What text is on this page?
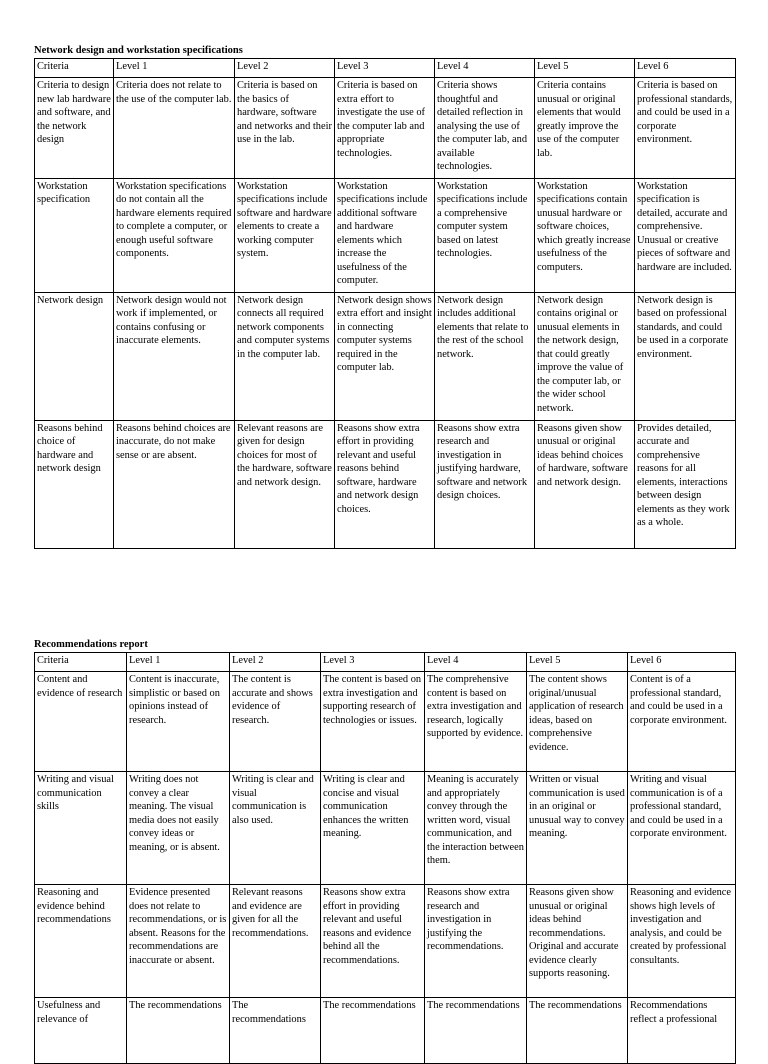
Network design and workstation specifications
Criteria	Level 1	Level 2	Level 3	Level 4	Level 5	Level 6
Criteria to design new lab hardware and software, and the network design	Criteria does not relate to the use of the computer lab.	Criteria is based on the basics of hardware, software and networks and their use in the lab.	Criteria is based on extra effort to investigate the use of the computer lab and appropriate technologies.	Criteria shows thoughtful and detailed reflection in analysing the use of the computer lab, and available technologies.	Criteria contains unusual or original elements that would greatly improve the use of the computer lab.	Criteria is based on professional standards, and could be used in a corporate environment.
Workstation specification	Workstation specifications do not contain all the hardware elements required to complete a computer, or enough useful software components.	Workstation specifications include software and hardware elements to create a working computer system.	Workstation specifications include additional software and hardware elements which increase the usefulness of the computer.	Workstation specifications include a comprehensive computer system based on latest technologies.	Workstation specifications contain unusual hardware or software choices, which greatly increase usefulness of the computers.	Workstation specification is detailed, accurate and comprehensive. Unusual or creative pieces of software and hardware are included.
Network design	Network design would not work if implemented, or contains confusing or inaccurate elements.	Network design connects all required network components and computer systems in the computer lab.	Network design shows extra effort and insight in connecting computer systems required in the computer lab.	Network design includes additional elements that relate to the rest of the school network.	Network design contains original or unusual elements in the network design, that could greatly improve the value of the computer lab, or the wider school network.	Network design is based on professional standards, and could be used in a corporate environment.
Reasons behind choice of hardware and network design	Reasons behind choices are inaccurate, do not make sense or are absent.	Relevant reasons are given for design choices for most of the hardware, software and network design.	Reasons show extra effort in providing relevant and useful reasons behind software, hardware and network design choices.	Reasons show extra research and investigation in justifying hardware, software and network design choices.	Reasons given show unusual or original ideas behind choices of hardware, software and network design.	Provides detailed, accurate and comprehensive reasons for all elements, interactions between design elements as they work as a whole.
Recommendations report
Criteria	Level 1	Level 2	Level 3	Level 4	Level 5	Level 6
Content and evidence of research	Content is inaccurate, simplistic or based on opinions instead of research.	The content is accurate and shows evidence of research.	The content is based on extra investigation and supporting research of technologies or issues.	The comprehensive content is based on extra investigation and research, logically supported by evidence.	The content shows original/unusual application of research ideas, based on comprehensive evidence.	Content is of a professional standard, and could be used in a corporate environment.
Writing and visual communication skills	Writing does not convey a clear meaning. The visual media does not easily convey ideas or meaning, or is absent.	Writing is clear and visual communication is also used.	Writing is clear and concise and visual communication enhances the written meaning.	Meaning is accurately and appropriately convey through the written word, visual communication, and the interaction between them.	Written or visual communication is used in an original or unusual way to convey meaning.	Writing and visual communication is of a professional standard, and could be used in a corporate environment.
Reasoning and evidence behind recommendations	Evidence presented does not relate to recommendations, or is absent. Reasons for the recommendations are inaccurate or absent.	Relevant reasons and evidence are given for all the recommendations.	Reasons show extra effort in providing relevant and useful reasons and evidence behind all the recommendations.	Reasons show extra research and investigation in justifying the recommendations.	Reasons given show unusual or original ideas behind recommendations. Original and accurate evidence clearly supports reasoning.	Reasoning and evidence shows high levels of investigation and analysis, and could be created by professional consultants.
Usefulness and relevance of	The recommendations	The recommendations	The recommendations	The recommendations	The recommendations	Recommendations reflect a professional
